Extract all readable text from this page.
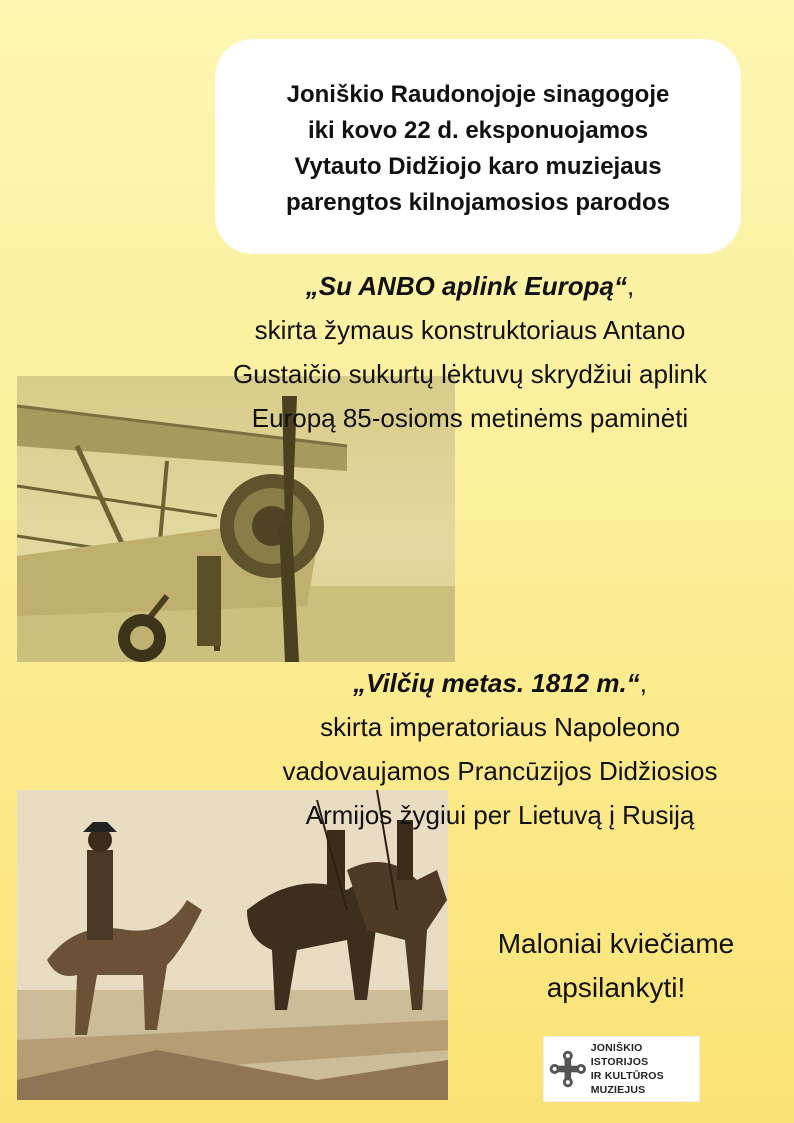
Joniškio Raudonojoje sinagogoje
iki kovo 22 d. eksponuojamos
Vytauto Didžiojo karo muziejaus
parengtos kilnojamosios parodos
„Su ANBO aplink Europą“,
skirta žymaus konstruktoriaus Antano
Gustaičio sukurtų lėktuvų skrydžiui aplink
Europą 85-osioms metinėms paminėti
„Vilčių metas. 1812 m.“,
skirta imperatoriaus Napoleono
vadovaujamos Prancūzijos Didžiosios
Armijos žygiui per Lietuvą į Rusiją
Maloniai kviečiame
apsilankyti!
JONIŠKIO ISTORIJOS
IR KULTŪROS MUZIEJUS
